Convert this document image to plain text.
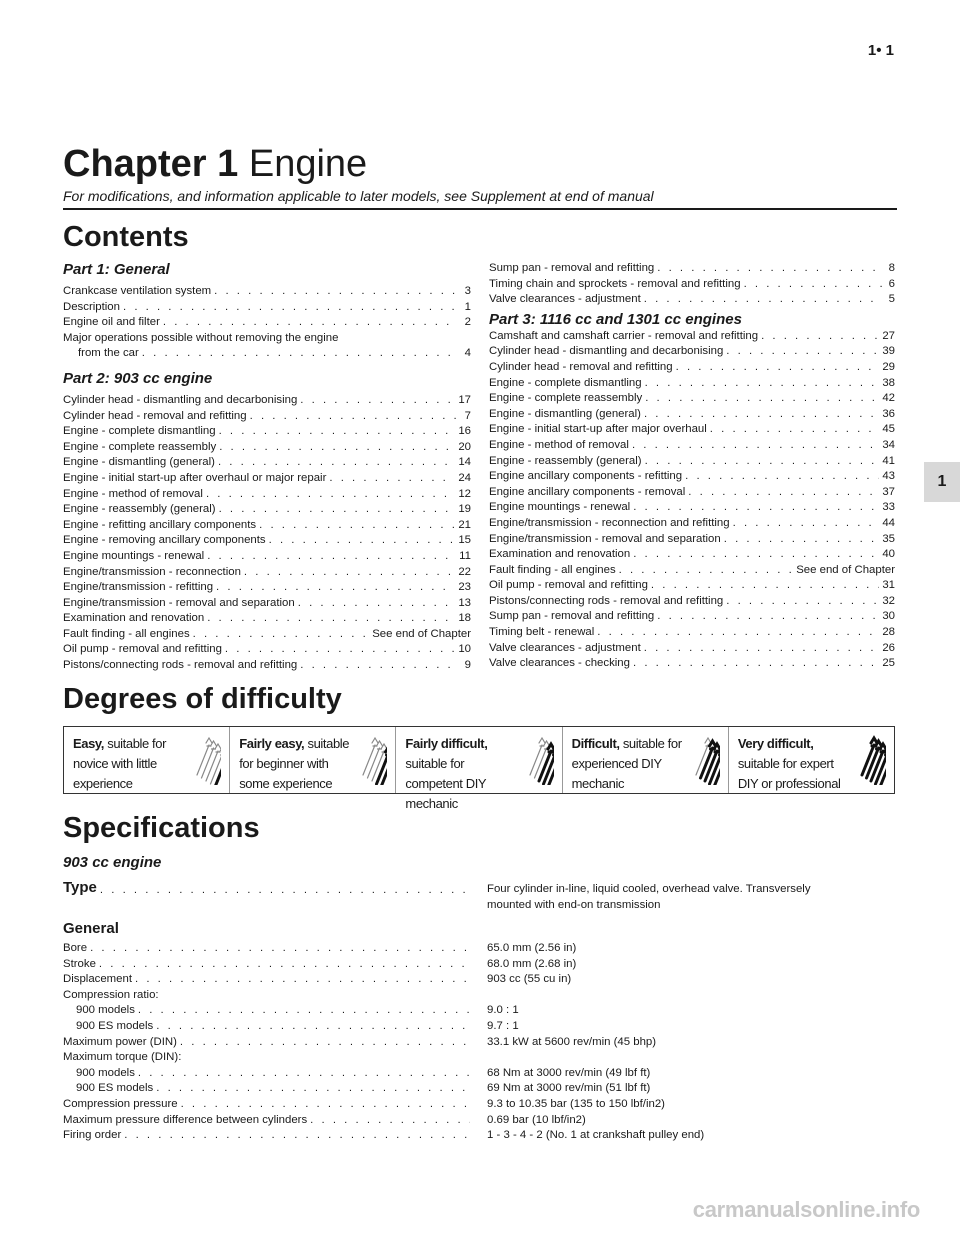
1• 1
1
Chapter 1 Engine
For modifications, and information applicable to later models, see Supplement at end of manual
Contents
Part 1: General
Crankcase ventilation system . . .	3
Description . . .	1
Engine oil and filter . . .	2
Major operations possible without removing the engine
from the car . . .	4
Part 2: 903 cc engine
Cylinder head - dismantling and decarbonising . . .	17
Cylinder head - removal and refitting . . .	7
Engine - complete dismantling . . .	16
Engine - complete reassembly . . .	20
Engine - dismantling (general) . . .	14
Engine - initial start-up after overhaul or major repair . . .	24
Engine - method of removal . . .	12
Engine - reassembly (general) . . .	19
Engine - refitting ancillary components . . .	21
Engine - removing ancillary components . . .	15
Engine mountings - renewal . . .	11
Engine/transmission - reconnection . . .	22
Engine/transmission - refitting . . .	23
Engine/transmission - removal and separation . . .	13
Examination and renovation . . .	18
Fault finding - all engines . . .	See end of Chapter
Oil pump - removal and refitting . . .	10
Pistons/connecting rods - removal and refitting . . .	9
Sump pan - removal and refitting . . .	8
Timing chain and sprockets - removal and refitting . . .	6
Valve clearances - adjustment . . .	5
Part 3: 1116 cc and 1301 cc engines
Camshaft and camshaft carrier - removal and refitting . . .	27
Cylinder head - dismantling and decarbonising . . .	39
Cylinder head - removal and refitting . . .	29
Engine - complete dismantling . . .	38
Engine - complete reassembly . . .	42
Engine - dismantling (general) . . .	36
Engine - initial start-up after major overhaul . . .	45
Engine - method of removal . . .	34
Engine - reassembly (general) . . .	41
Engine ancillary components - refitting . . .	43
Engine ancillary components - removal . . .	37
Engine mountings - renewal . . .	33
Engine/transmission - reconnection and refitting . . .	44
Engine/transmission - removal and separation . . .	35
Examination and renovation . . .	40
Fault finding - all engines . . .	See end of Chapter
Oil pump - removal and refitting . . .	31
Pistons/connecting rods - removal and refitting . . .	32
Sump pan - removal and refitting . . .	30
Timing belt - renewal . . .	28
Valve clearances - adjustment . . .	26
Valve clearances - checking . . .	25
Degrees of difficulty
Easy, suitable for novice with little experience
Fairly easy, suitable for beginner with some experience
Fairly difficult, suitable for competent DIY mechanic
Difficult, suitable for experienced DIY mechanic
Very difficult, suitable for expert DIY or professional
Specifications
903 cc engine
Type . . .	Four cylinder in-line, liquid cooled, overhead valve. Transversely
mounted with end-on transmission
General
Bore . . .	65.0 mm (2.56 in)
Stroke . . .	68.0 mm (2.68 in)
Displacement . . .	903 cc (55 cu in)
Compression ratio:
900 models . . .	9.0 : 1
900 ES models . . .	9.7 : 1
Maximum power (DIN) . . .	33.1 kW at 5600 rev/min (45 bhp)
Maximum torque (DIN):
900 models . . .	68 Nm at 3000 rev/min (49 lbf ft)
900 ES models . . .	69 Nm at 3000 rev/min (51 lbf ft)
Compression pressure . . .	9.3 to 10.35 bar (135 to 150 lbf/in2)
Maximum pressure difference between cylinders . . .	0.69 bar (10 lbf/in2)
Firing order . . .	1 - 3 - 4 - 2 (No. 1 at crankshaft pulley end)
carmanualsonline.info
